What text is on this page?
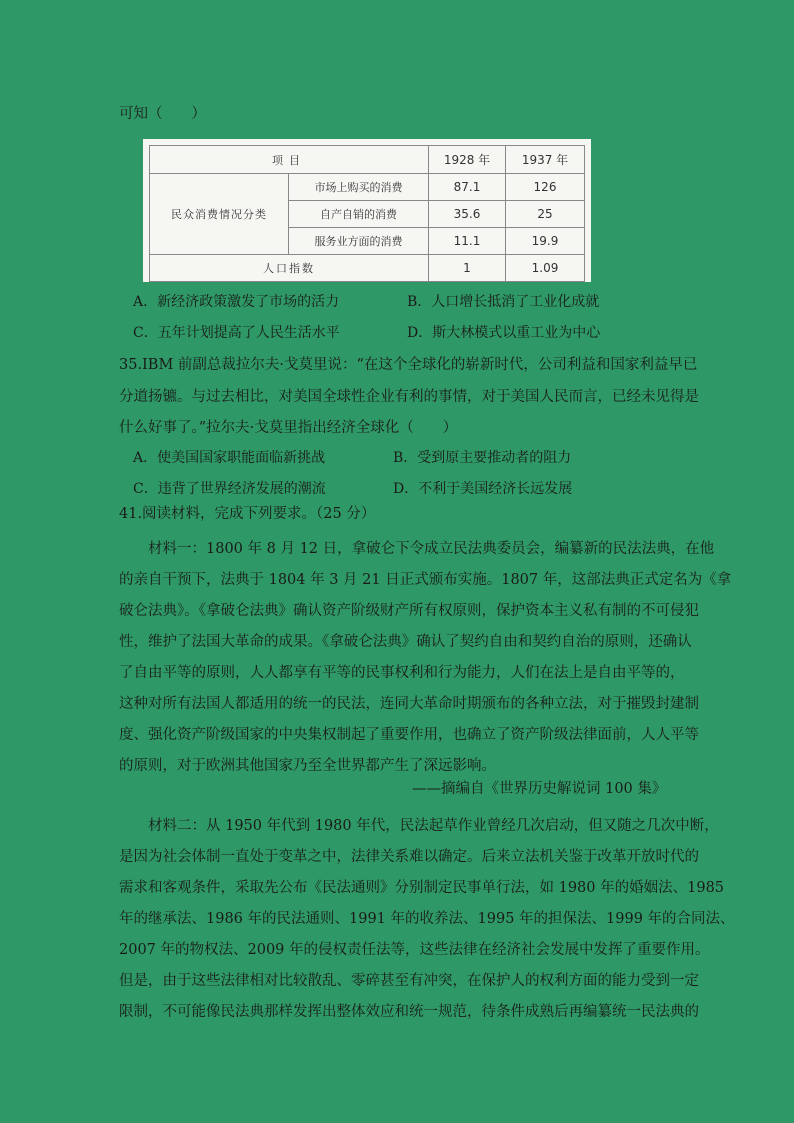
可知（　　）
项目		1928 年	1937 年
民众消费情况分类	市场上购买的消费	87.1	126
	自产自销的消费	35.6	25
	服务业方面的消费	11.1	19.9
人口指数		1	1.09
A．新经济政策激发了市场的活力	B．人口增长抵消了工业化成就
C．五年计划提高了人民生活水平	D．斯大林模式以重工业为中心
35.IBM 前副总裁拉尔夫·戈莫里说：“在这个全球化的崭新时代，公司利益和国家利益早已
分道扬镳。与过去相比，对美国全球性企业有利的事情，对于美国人民而言，已经未见得是
什么好事了。”拉尔夫·戈莫里指出经济全球化（　　）
A．使美国国家职能面临新挑战	B．受到原主要推动者的阻力
C．违背了世界经济发展的潮流	D．不利于美国经济长远发展
41.阅读材料，完成下列要求。（25 分）
材料一：1800 年 8 月 12 日，拿破仑下令成立民法典委员会，编纂新的民法法典，在他
的亲自干预下，法典于 1804 年 3 月 21 日正式颁布实施。1807 年，这部法典正式定名为《拿
破仑法典》。《拿破仑法典》确认资产阶级财产所有权原则，保护资本主义私有制的不可侵犯
性，维护了法国大革命的成果。《拿破仑法典》确认了契约自由和契约自治的原则，还确认
了自由平等的原则，人人都享有平等的民事权利和行为能力，人们在法上是自由平等的，
这种对所有法国人都适用的统一的民法，连同大革命时期颁布的各种立法，对于摧毁封建制
度、强化资产阶级国家的中央集权制起了重要作用，也确立了资产阶级法律面前，人人平等
的原则，对于欧洲其他国家乃至全世界都产生了深远影响。
——摘编自《世界历史解说词 100 集》
材料二：从 1950 年代到 1980 年代，民法起草作业曾经几次启动，但又随之几次中断，
是因为社会体制一直处于变革之中，法律关系难以确定。后来立法机关鉴于改革开放时代的
需求和客观条件，采取先公布《民法通则》分别制定民事单行法，如 1980 年的婚姻法、1985
年的继承法、1986 年的民法通则、1991 年的收养法、1995 年的担保法、1999 年的合同法、
2007 年的物权法、2009 年的侵权责任法等，这些法律在经济社会发展中发挥了重要作用。
但是，由于这些法律相对比较散乱、零碎甚至有冲突，在保护人的权利方面的能力受到一定
限制，不可能像民法典那样发挥出整体效应和统一规范，待条件成熟后再编纂统一民法典的
